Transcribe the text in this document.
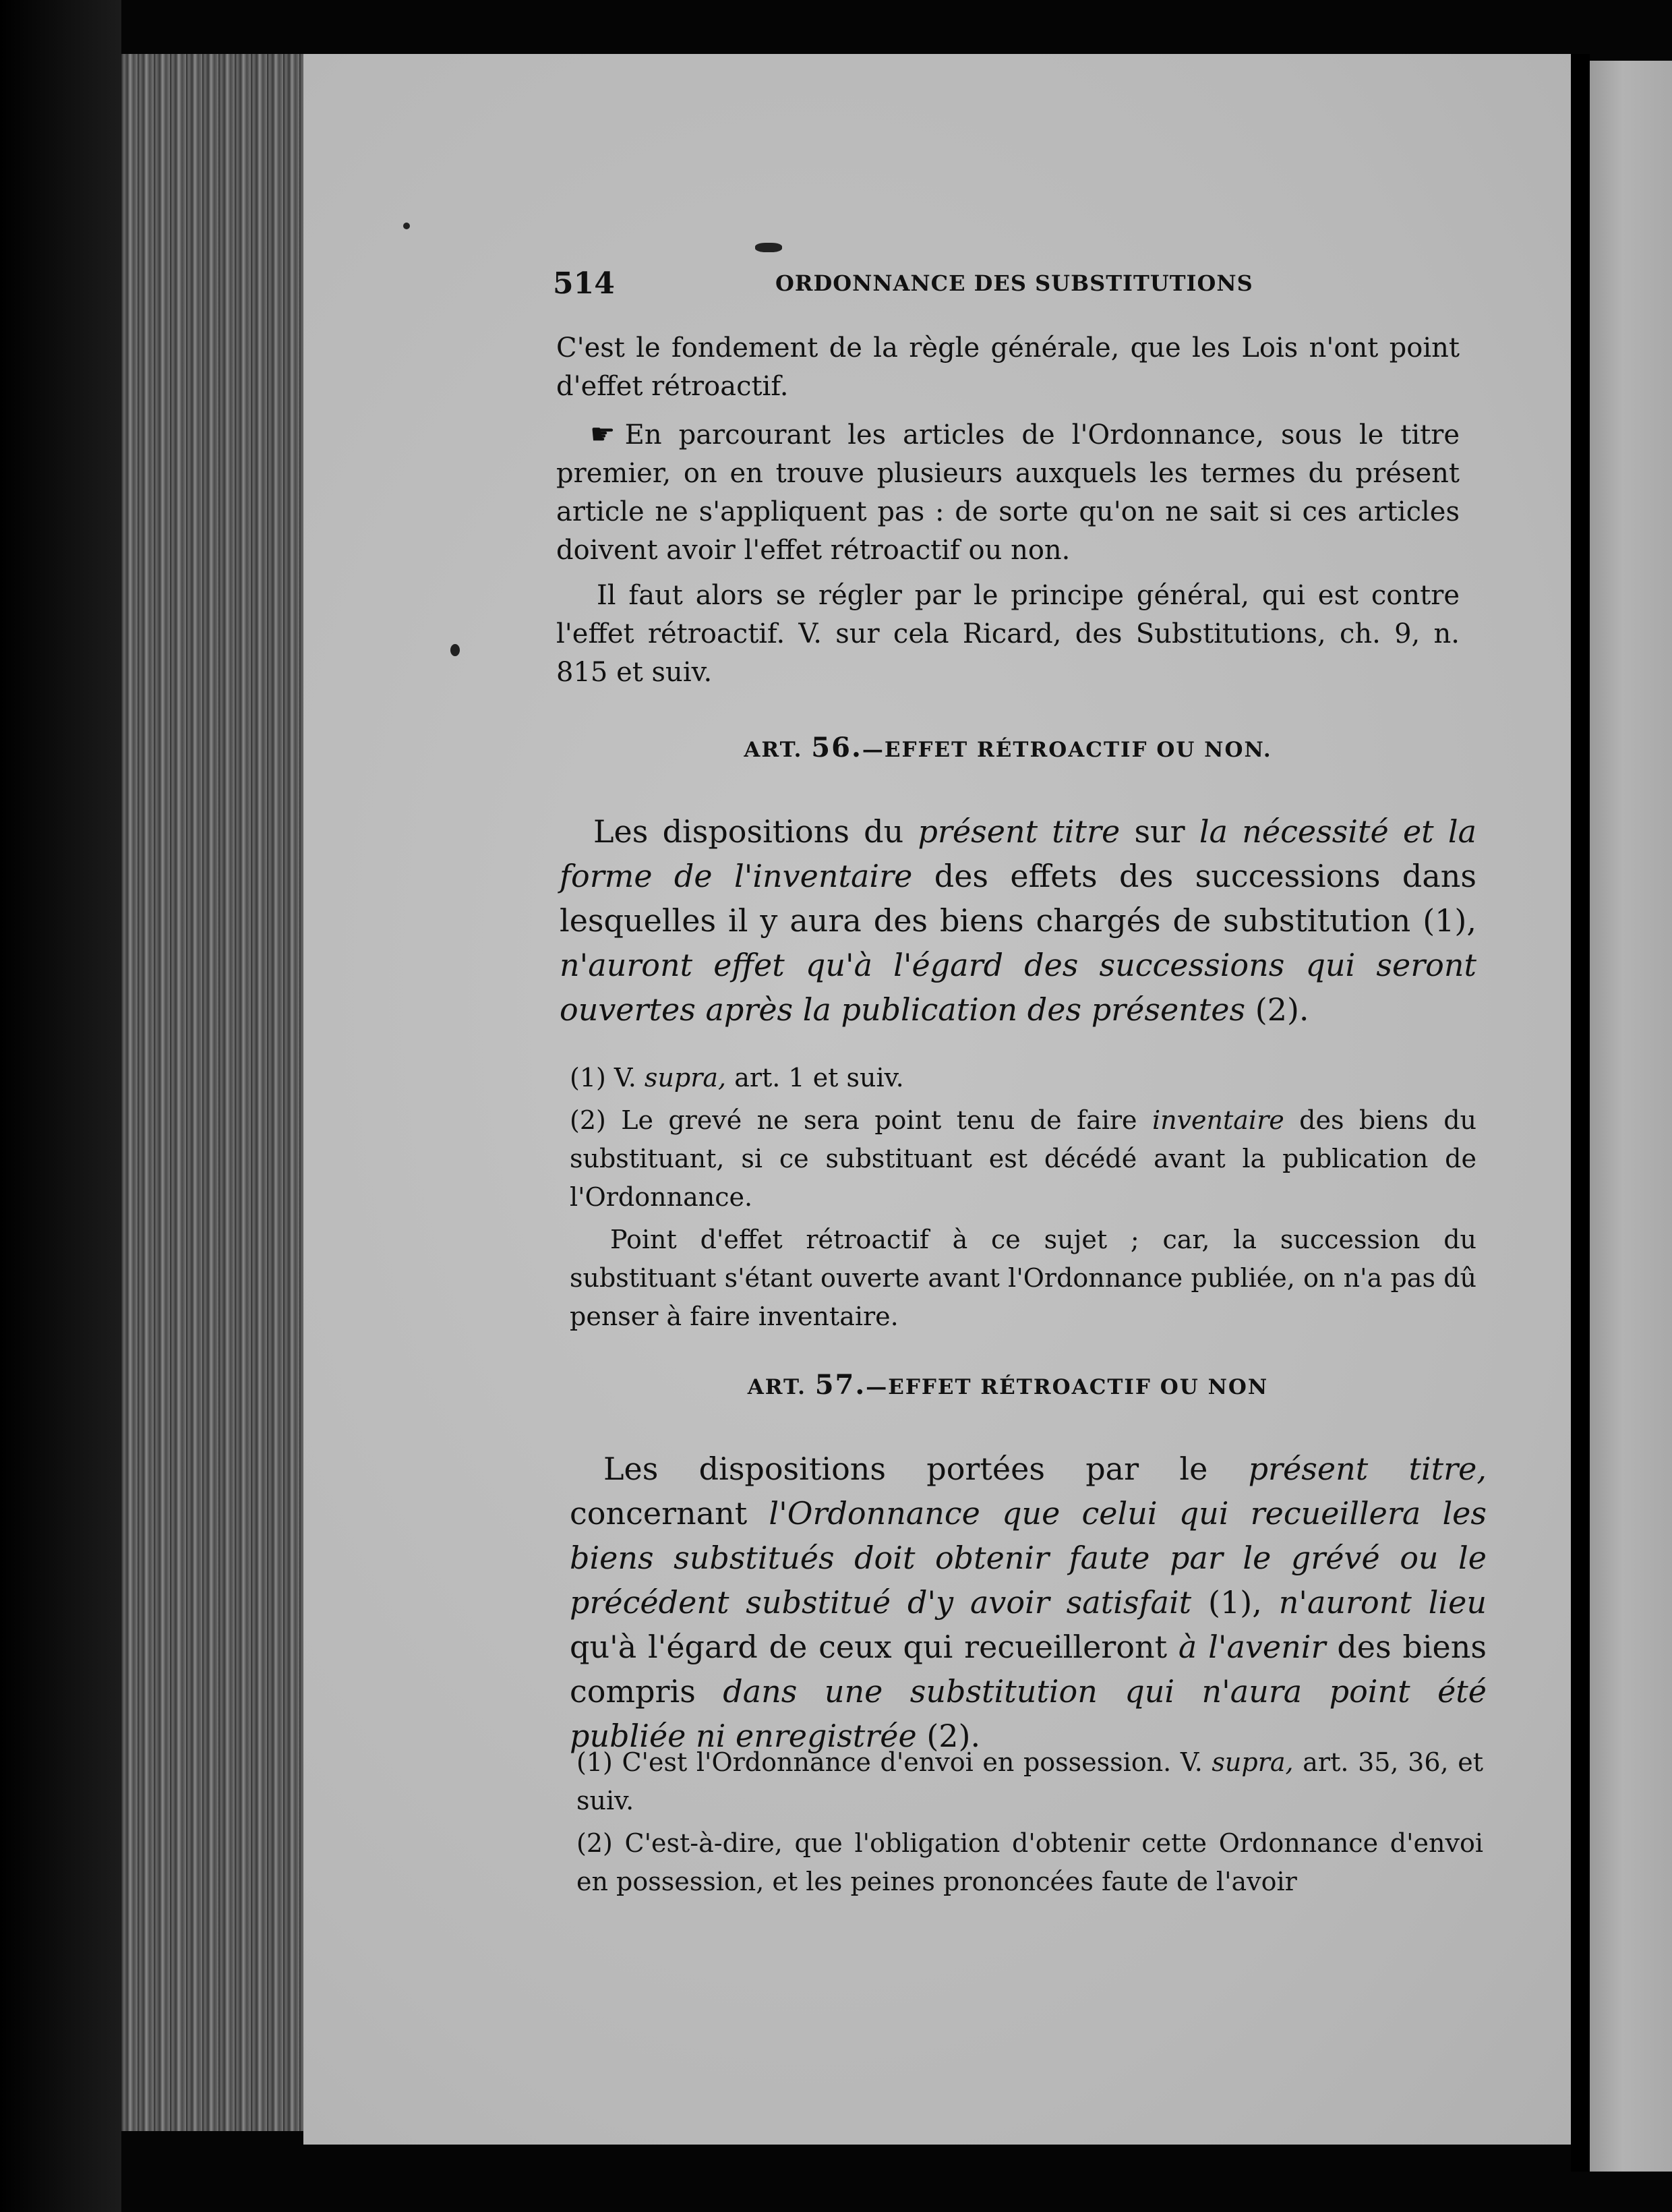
514	ORDONNANCE DES SUBSTITUTIONS

C'est le fondement de la règle générale, que les Lois n'ont point d'effet rétroactif.

☛ En parcourant les articles de l'Ordonnance, sous le titre premier, on en trouve plusieurs auxquels les termes du présent article ne s'appliquent pas : de sorte qu'on ne sait si ces articles doivent avoir l'effet rétroactif ou non.

Il faut alors se régler par le principe général, qui est contre l'effet rétroactif. V. sur cela Ricard, des Substitutions, ch. 9, n. 815 et suiv.

ART. 56.—EFFET RÉTROACTIF OU NON.
Les dispositions du présent titre sur la nécessité et la forme de l'inventaire des effets des successions dans lesquelles il y aura des biens chargés de substitution (1), n'auront effet qu'à l'égard des successions qui seront ouvertes après la publication des présentes (2).

(1) V. supra, art. 1 et suiv.

(2) Le grevé ne sera point tenu de faire inventaire des biens du substituant, si ce substituant est décédé avant la publication de l'Ordonnance.

Point d'effet rétroactif à ce sujet ; car, la succession du substituant s'étant ouverte avant l'Ordonnance publiée, on n'a pas dû penser à faire inventaire.

ART. 57.—EFFET RÉTROACTIF OU NON
Les dispositions portées par le présent titre, concernant l'Ordonnance que celui qui recueillera les biens substitués doit obtenir faute par le grévé ou le précédent substitué d'y avoir satisfait (1), n'auront lieu qu'à l'égard de ceux qui recueilleront à l'avenir des biens compris dans une substitution qui n'aura point été publiée ni enregistrée (2).

(1) C'est l'Ordonnance d'envoi en possession. V. supra, art. 35, 36, et suiv.

(2) C'est-à-dire, que l'obligation d'obtenir cette Ordonnance d'envoi en possession, et les peines prononcées faute de l'avoir
